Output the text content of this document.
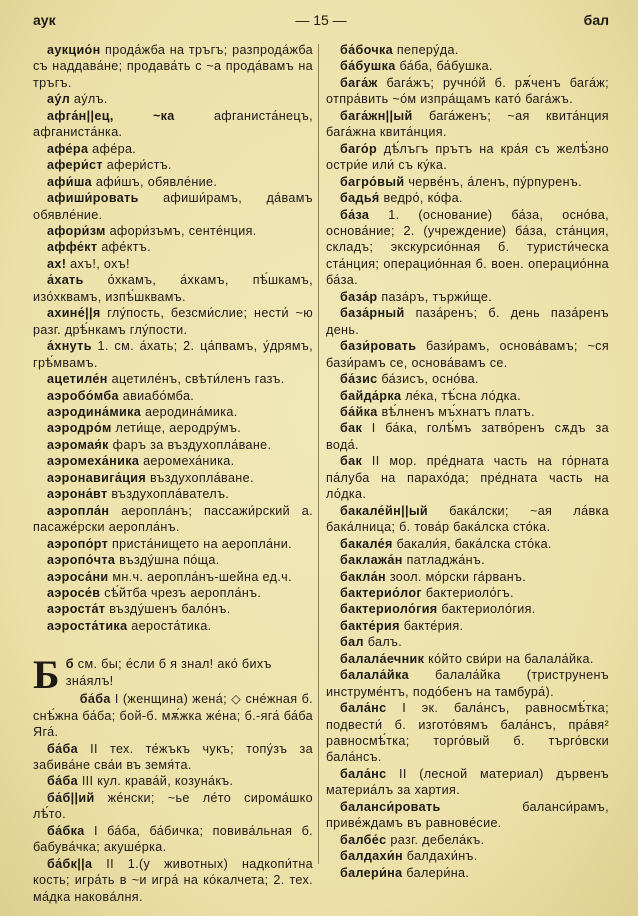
аук	— 15 —	бал

аукцио́н прода́жба на тръгъ; разпрода́жба съ наддава́не; продава́ть с ~а прода́вамъ на тръгъ.

аýл аýлъ.

афга́н||ец, ~ка	афганиста́нецъ, афганиста́нка.

афе́ра афе́ра.

афери́ст афери́стъ.

афи́ша афи́шъ, обявле́ние.

афиши́ровать афиши́рамъ, да́вамъ обявле́ние.

афори́зм афори́зъмъ, сенте́нция.

аффе́кт афе́ктъ.

ах! ахъ!, охъ!

а́хать о́хкамъ, а́хкамъ, пѣ́шкамъ, изо́хквамъ, изпѣ́шквамъ.

ахине́||я глу́пость, безсми́слие; нести́ ~ю разг. дрѣ́нкамъ глу́пости.

а́хнуть 1. см. а́хать; 2. ца́пвамъ, у́дрямъ, грѣ́мвамъ.

ацетиле́н ацетиле́нъ, свѣти́ленъ газъ.

аэробо́мба авиабо́мба.

аэродина́мика аеродина́мика.

аэродро́м лети́ще, аеродру́мъ.

аэромая́к фаръ за въздухопла́ване.

аэромеха́ника аеромеха́ника.

аэронавига́ция въздухопла́ване.

аэрона́вт въздухопла́вателъ.

аэропла́н аеропла́нъ; пассажи́рский а. пасаже́рски аеропла́нъ.

аэропо́рт приста́нището на аеропла́ни.

аэропо́чта възду́шна по́ща.

аэроса́ни мн.ч. аеропла́нъ-шейна ед.ч.

аэросе́в сѣ́йтба чрезъ аеропла́нъ.

аэроста́т възду́шенъ бало́нъ.

аэроста́тика аероста́тика.

Б б см. бы; е́сли б я знал! ако́ бихъ зна́ялъ!

ба́ба I (женщина) жена́; ◇ сне́жная б. снѣ́жна ба́ба; бой-б. мѫ́жка же́на; б.-яга́ ба́ба Яга́.

ба́ба II тех. те́жъкъ чукъ; топу́зъ за забива́не сва́и въ земя́та.

ба́ба III кул. крава́й, козуна́къ.

ба́б||ий же́нски; ~ье ле́то сирома́шко лѣ́то.

ба́бка I ба́ба, ба́бичка; повива́льная б. бабува́чка; акуше́рка.

ба́бк||а II 1.(у животных) надкопи́тна кость; игра́ть в ~и игра́ на ко́калчета; 2. тех. ма́дка наковáлня.

ба́бочка пеперу́да.

ба́бушка ба́ба, ба́бушка.

бага́ж бага́жъ; ручно́й б. рѫ́ченъ бага́ж; отпра́вить ~о́м изпра́щамъ като́ бага́жъ.

бага́жн||ый бага́женъ; ~ая квита́нция бага́жна квита́нция.

баго́р дѣ́лъгъ прътъ на кра́я съ желѣ́зно остри́е или́ съ ку́ка.

багро́вый черве́нъ, а́ленъ, пу́рпуренъ.

бадья́ ведро́, ко́фа.

ба́за 1. (основание) ба́за, осно́ва, основа́ние; 2. (учреждение) ба́за, ста́нция, складъ; экскурсио́нная б. туристи́ческа ста́нция; операцио́нная б. воен. операцио́нна ба́за.

база́р паза́ръ, тържи́ще.

база́рный паза́ренъ; б. день паза́ренъ день.

бази́ровать бази́рамъ, основа́вамъ; ~ся бази́рамъ се, основа́вамъ се.

ба́зис ба́зисъ, осно́ва.

байда́рка ле́ка, тѣ́сна ло́дка.

ба́йка вѣ́лненъ мъ́хнатъ платъ.

бак I ба́ка, голѣ́мъ затво́ренъ сѫдъ за вода́.

бак II мор. пре́дната часть на го́рната па́луба на парахо́да; пре́дната часть на ло́дка.

бакале́йн||ый бака́лски; ~ая ла́вка бака́лница; б. това́р бака́лска сто́ка.

бакале́я бакали́я, бака́лска сто́ка.

баклажа́н патладжа́нъ.

бакла́н зоол. мо́рски га́рванъ.

бактерио́лог бактериоло́гъ.

бактериоло́гия бактериоло́гия.

бакте́рия бакте́рия.

бал балъ.

балала́ечник ко́йто сви́ри на балала́йка.

балала́йка балала́йка (триструненъ инструме́нтъ, подо́бенъ на тамбура́).

бала́нс I эк. бала́нсъ, равносмѣ́тка; подвести́ б. изгото́вямъ бала́нсъ, пра́вя² равносмѣ́тка; торго́вый б. търго́вски бала́нсъ.

бала́нс II (лесной материал) дървенъ материа́лъ за хартия.

баланси́ровать	баланси́рамъ, приве́ждамъ въ равнове́сие.

балбе́с разг. дебела́къ.

балдахи́н балдахи́нъ.

балери́на балери́на.
